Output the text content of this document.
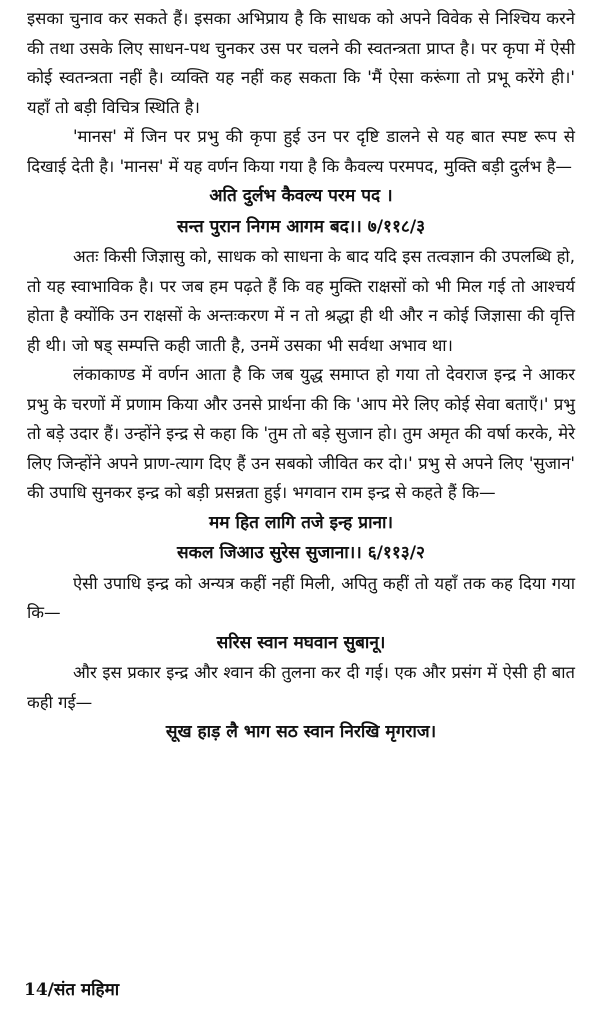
इसका चुनाव कर सकते हैं। इसका अभिप्राय है कि साधक को अपने विवेक से निश्चिय करने की तथा उसके लिए साधन-पथ चुनकर उस पर चलने की स्वतन्त्रता प्राप्त है। पर कृपा में ऐसी कोई स्वतन्त्रता नहीं है। व्यक्ति यह नहीं कह सकता कि 'मैं ऐसा करूंगा तो प्रभू करेंगे ही।' यहाँ तो बड़ी विचित्र स्थिति है।

'मानस' में जिन पर प्रभु की कृपा हुई उन पर दृष्टि डालने से यह बात स्पष्ट रूप से दिखाई देती है। 'मानस' में यह वर्णन किया गया है कि कैवल्य परमपद, मुक्ति बड़ी दुर्लभ है—

अति दुर्लभ कैवल्य परम पद ।

सन्त पुरान निगम आगम बद।। ७/११८/३

अतः किसी जिज्ञासु को, साधक को साधना के बाद यदि इस तत्वज्ञान की उपलब्धि हो, तो यह स्वाभाविक है। पर जब हम पढ़ते हैं कि वह मुक्ति राक्षसों को भी मिल गई तो आश्चर्य होता है क्योंकि उन राक्षसों के अन्तःकरण में न तो श्रद्धा ही थी और न कोई जिज्ञासा की वृत्ति ही थी। जो षड् सम्पत्ति कही जाती है, उनमें उसका भी सर्वथा अभाव था।

लंकाकाण्ड में वर्णन आता है कि जब युद्ध समाप्त हो गया तो देवराज इन्द्र ने आकर प्रभु के चरणों में प्रणाम किया और उनसे प्रार्थना की कि 'आप मेरे लिए कोई सेवा बताएँ।' प्रभु तो बड़े उदार हैं। उन्होंने इन्द्र से कहा कि 'तुम तो बड़े सुजान हो। तुम अमृत की वर्षा करके, मेरे लिए जिन्होंने अपने प्राण-त्याग दिए हैं उन सबको जीवित कर दो।' प्रभु से अपने लिए 'सुजान' की उपाधि सुनकर इन्द्र को बड़ी प्रसन्नता हुई। भगवान राम इन्द्र से कहते हैं कि—

मम हित लागि तजे इन्ह प्राना।

सकल जिआउ सुरेस सुजाना।। ६/११३/२

ऐसी उपाधि इन्द्र को अन्यत्र कहीं नहीं मिली, अपितु कहीं तो यहाँ तक कह दिया गया कि—

सरिस स्वान मघवान सुबानू।

और इस प्रकार इन्द्र और श्वान की तुलना कर दी गई। एक और प्रसंग में ऐसी ही बात कही गई—

सूख हाड़ लै भाग सठ स्वान निरखि मृगराज।

14/संत महिमा
